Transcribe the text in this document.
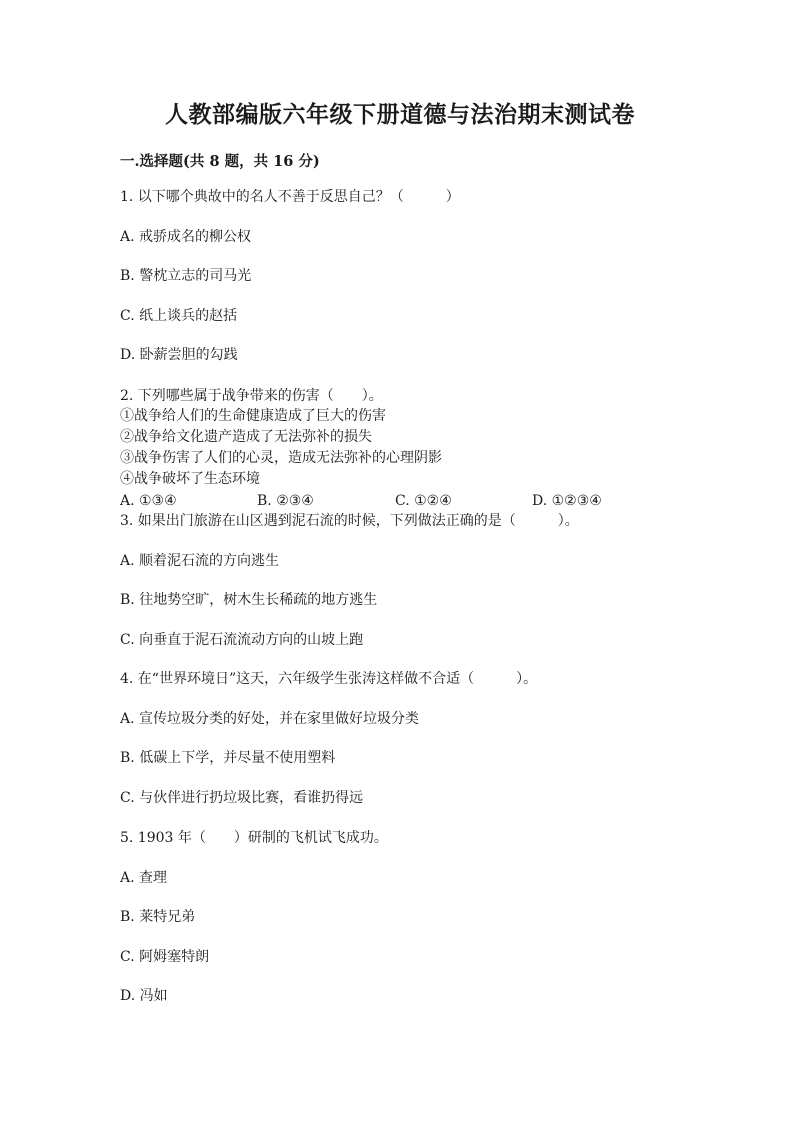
人教部编版六年级下册道德与法治期末测试卷
一.选择题(共 8 题，共 16 分)
1. 以下哪个典故中的名人不善于反思自己？（　　　）
A. 戒骄成名的柳公权
B. 警枕立志的司马光
C. 纸上谈兵的赵括
D. 卧薪尝胆的勾践
2. 下列哪些属于战争带来的伤害（　　）。
①战争给人们的生命健康造成了巨大的伤害
②战争给文化遗产造成了无法弥补的损失
③战争伤害了人们的心灵，造成无法弥补的心理阴影
④战争破坏了生态环境
A. ①③④	B. ②③④	C. ①②④	D. ①②③④
3. 如果出门旅游在山区遇到泥石流的时候，下列做法正确的是（　　　）。
A. 顺着泥石流的方向逃生
B. 往地势空旷，树木生长稀疏的地方逃生
C. 向垂直于泥石流流动方向的山坡上跑
4. 在“世界环境日”这天，六年级学生张涛这样做不合适（　　　）。
A. 宣传垃圾分类的好处，并在家里做好垃圾分类
B. 低碳上下学，并尽量不使用塑料
C. 与伙伴进行扔垃圾比赛，看谁扔得远
5. 1903 年（　　）研制的飞机试飞成功。
A. 查理
B. 莱特兄弟
C. 阿姆塞特朗
D. 冯如
